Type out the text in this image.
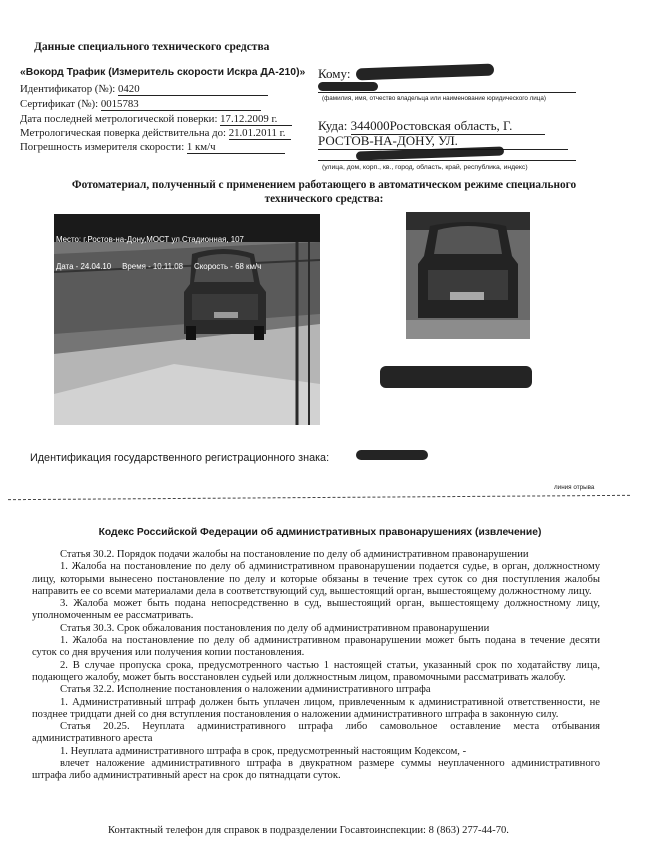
Данные специального технического средства
«Вокорд Трафик (Измеритель скорости Искра ДА-210)»
Идентификатор (№): 0420
Сертификат (№): 0015783
Дата последней метрологической поверки: 17.12.2009 г.
Метрологическая поверка действительна до: 21.01.2011 г.
Погрешность измерителя скорости: 1 км/ч
Кому:
(фамилия, имя, отчество владельца или наименование юридического лица)
Куда: 344000Ростовская область, Г.
РОСТОВ-НА-ДОНУ, УЛ.
(улица, дом, корп., кв., город, область, край, республика, индекс)
Фотоматериал, полученный с применением работающего в автоматическом режиме специального
технического средства:

Место: г.Ростов-на-Дону,МОСТ ул.Стадионная, 107

Дата - 24.04.10     Время - 10.11.08     Скорость - 68 км/ч

Идентификация государственного регистрационного знака:
линия отрыва
Кодекс Российской Федерации об административных правонарушениях (извлечение)
Статья 30.2. Порядок подачи жалобы на постановление по делу об административном правонарушении
1. Жалоба на постановление по делу об административном правонарушении подается судье, в орган, должностному лицу, которыми вынесено постановление по делу и которые обязаны в течение трех суток со дня поступления жалобы направить ее со всеми материалами дела в соответствующий суд, вышестоящий орган, вышестоящему должностному лицу.
3. Жалоба может быть подана непосредственно в суд, вышестоящий орган, вышестоящему должностному лицу, уполномоченным ее рассматривать.
Статья 30.3. Срок обжалования постановления по делу об административном правонарушении
1. Жалоба на постановление по делу об административном правонарушении может быть подана в течение десяти суток со дня вручения или получения копии постановления.
2. В случае пропуска срока, предусмотренного частью 1 настоящей статьи, указанный срок по ходатайству лица, подающего жалобу, может быть восстановлен судьей или должностным лицом, правомочными рассматривать жалобу.
Статья 32.2. Исполнение постановления о наложении административного штрафа
1. Административный штраф должен быть уплачен лицом, привлеченным к административной ответственности, не позднее тридцати дней со дня вступления постановления о наложении административного штрафа в законную силу.
Статья 20.25. Неуплата административного штрафа либо самовольное оставление места отбывания административного ареста
1. Неуплата административного штрафа в срок, предусмотренный настоящим Кодексом, -
влечет наложение административного штрафа в двукратном размере суммы неуплаченного административного штрафа либо административный арест на срок до пятнадцати суток.
Контактный телефон для справок в подразделении Госавтоинспекции: 8 (863) 277-44-70.
